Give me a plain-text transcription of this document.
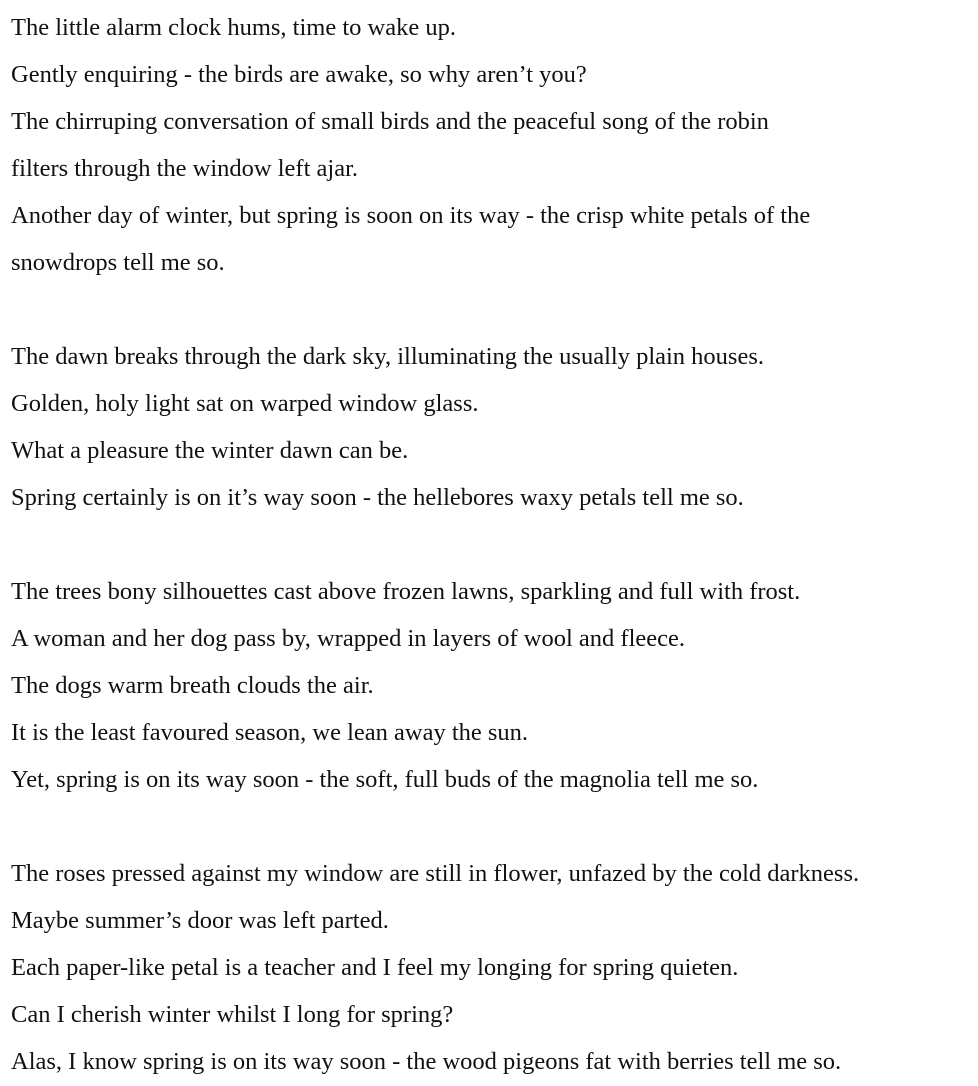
The little alarm clock hums, time to wake up.
Gently enquiring - the birds are awake, so why aren’t you?
The chirruping conversation of small birds and the peaceful song of the robin
filters through the window left ajar.
Another day of winter, but spring is soon on its way - the crisp white petals of the
snowdrops tell me so.

The dawn breaks through the dark sky, illuminating the usually plain houses.
Golden, holy light sat on warped window glass.
What a pleasure the winter dawn can be.
Spring certainly is on it’s way soon - the hellebores waxy petals tell me so.

The trees bony silhouettes cast above frozen lawns, sparkling and full with frost.
A woman and her dog pass by, wrapped in layers of wool and fleece.
The dogs warm breath clouds the air.
It is the least favoured season, we lean away the sun.
Yet, spring is on its way soon - the soft, full buds of the magnolia tell me so.

The roses pressed against my window are still in flower, unfazed by the cold darkness.
Maybe summer’s door was left parted.
Each paper-like petal is a teacher and I feel my longing for spring quieten.
Can I cherish winter whilst I long for spring?
Alas, I know spring is on its way soon - the wood pigeons fat with berries tell me so.
